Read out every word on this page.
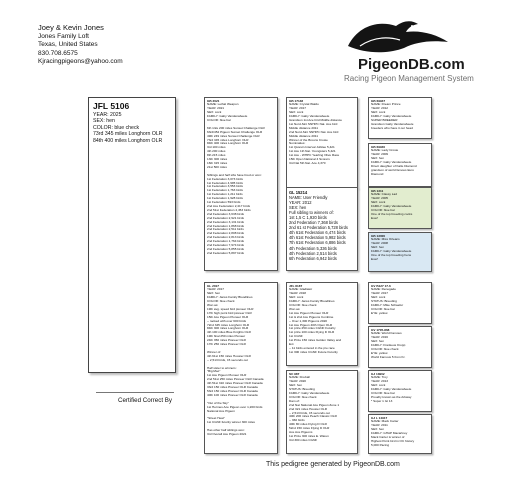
Joey & Kevin Jones
Jones Family Loft
Texas, United States
830.708.6575
Kjracingpigeons@yahoo.com	PigeonDB.com
Racing Pigeon Management System
JFL 5106
YEAR: 2025
SEX: hen
COLOR: blue check
73rd 345 miles Longhorn OLR
84th 400 miles Longhorn OLR
Certified Correct By
GB 2021
NAME: Lethal Weapon
YEAR: 2021
SEX: cock
FAMILY: Gaby Vandenabeele
COLOR: blue bar

6th 1/2e 200 miles Sunset Challenge OLR
63rd/452 Pigeon Sunset Challenge OLR
49th 249 miles Sunset Challenge OLR
73rd 345 miles Longhorn OLR
84th 400 miles Longhorn OLR
3rd 100 miles
4th 200 miles
8th 215 miles
13th 300 miles
16th 315 miles
21st 500 miles

Siblings and half sibs have bred or won:
1st Federation 3,073 birds
1st Federation 4,995 birds
1st Federation 3,553 birds
1st Federation 1,763 birds
1st Federation 1,211 birds
1st Federation 1,928 birds
1st Federation 593 birds
2nd Ace Federation 2,417 birds
2nd 51st Federation 4,453 birds
2nd Federation 3,638 birds
2nd Federation 2,921 birds
2nd Federation 3,131 birds
2nd Federation 1,868 birds
2nd Federation 2,511 birds
2nd Federation 2,808 birds
2nd Federation 2,813 birds
2nd Federation 1,764 birds
2nd Federation 7,974 birds
2nd Federation 5,855 birds
2nd Federation 5,897 birds
GL 2017
YEAR: 2017
SEX: hen
FAMILY: Janss Family Bloodlines
COLOR: blue check
Won as:
19th avg. speed bird pioneer OLR
17th high point bird pioneer OLR
15th Ace Pigeon Pioneer OLR
-- racked with over 600 birds
72nd 345 miles Longhorn OLR
84th 300 miles Longhorn OLR
4th 100 miles Blue Knights OLR
19th final 250 miles Pioneer
24th 350 miles Pioneer OLR
17th 250 miles Pioneer OLR

Winner of:
4th 61st 150 miles Hoosier OLR
-- 2,513 birds, 15 seconds out

Half sister to winners:
"Big Mac"
1st Ace Pigeon Pioneer OLR
2nd 51st 250 miles Pioneer OLR Canada
4th 51st 310 miles Pioneer OLR Canada
33rd 150 miles Pioneer OLR Canada
53rd 150 miles Pioneer OLR Canada
40th 100 miles Pioneer OLR Canada

"Out of the Sky"
1st Hermes Ace Pigeon over 1,200 birds
National Ace Pigeon

"Street Heat"
1st CGNF futurity winner 300 miles

Has other half siblings won:
3rd Overall Ace Pigeon 2021
GB 17148
NAME: Crystal Waldo
YEAR: 2017
SEX: cock
FAMILY: Gaby Vandenabeele
Grandson 1st Ace bird Middle distance
1st Nord-Sint SNHPC Nat. Ace bird
Middle distance 2011
2nd Nord-Sint SNHPC Nat. Ace bird
Middle distance 2011
Winner of the Brouns Crosie
Nominaties:
1st Quievin Interval Jubilee 5,421
1st Ace 1th Nat. Youngsters 5,421
1st Ace - WHPC Yearling Olive Race
15th Open National 4 Scorers
3rd Nat 5th Nat. Ace 4,370
GL 15214
NAME: User Friendly
YEAR: 2012
SEX: hen
Full sibling to winners of:
1st 1,5 C 1,920 birds
2nd Federation 7,368 birds
2nd 61 st Federation 5,728 birds
4th 61st Federation 6,474 birds
4th 61st Federation 5,982 birds
7th 61st Federation 6,886 birds
4th Federation 5,336 birds
4th Federation 2,514 birds
6th Federation 6,942 birds
JFL 8187
NAME: Gladiator
YEAR: 2018
SEX: cock
FAMILY: Janss Family Bloodlines
COLOR: blue check
Won as:
1st Ace Pigeon Pioneer OLR
1st & 2nd Ace Pigeons Combine
-- Over 1,300 Pigeons 2020
1st Ace Pigeon 40th Open OLR
1st prize 250 miles CGNF Futurity
1st prize 100 miles Flying D OLR
1st CGNF
1st Prize 150 miles Golden Valley and
Ext
-- 11 birds entered in the pre race
1st 300 miles CGNF Future Futurity
SC 987
NAME: Fireball
YEAR: 2020
SEX: hen
STATUS: Breeding
FAMILY: Gaby Vandenabeele
COLOR: blue check
Dam of:
2nd Nat National Ace Pigeon Zone 1
2nd 321 miles Hoosier OLR
-- 2,513 birds, 15 seconds out
40th 200 miles Peach Classic OLR
-- 360 birds
40th 80 miles Flying D OLR
52nd 150 miles Flying D OLR
Ace Ace Pigeons
1st Prize 300 miles E. Waren
3rd 300 miles CGNF
GB 69947
NAME: Dream Prince
YEAR: 2012
SEX: cock
FAMILY: Gaby Vandenabeele
SUPER BREEDER
Grandson Gaby Vandenabeele
breeders who have it our head
GB 69940
NAME: Lady Crosie
YEAR: 2009
SEX: hen
FAMILY: Gaby Vandenabeele
Direct daughter of Kalle Diamond
grandson of world famous Euro
Diamond
GB 1311
NAME: Classy Lad
YEAR: 2005
SEX: cock
FAMILY: Gaby Vandenabeele
COLOR: blue bar
One of the top breeding cocks
Ever!
GB 13000
NAME: Miss Orleans
YEAR: 2008
SEX: hen
FAMILY: Gaby Vandenabeele
One of the top breeding hens
Ever!
GV B127 17-6
NAME: Renegade
YEAR: 2017
SEX: cock
STATUS: Breeding
FAMILY: Mike Schaefer
COLOR: blue bar
EYE: yellow
GV 1705-868
NAME: World Famous
YEAR: 2016
SEX: hen
FAMILY: Frankeus Kropp
COLOR: blue check
EYE: yellow
World Famous 5 from Kr.
GJ 13902
NAME: Troy
YEAR: 2013
SEX: cock
FAMILY: Gaby Vandenabeele
COLOR: blue bar
Proudly known as the Arkway
* Super 1 Gt 13
GJ L 14917
NAME: Mack Carter
YEAR: 2011
SEX: hen
FAMILY: GHAP Macartney
Mack Carter is winner of
Highest Point bird in OC history
5,000 Pacing
This pedigree generated by PigeonDB.com
